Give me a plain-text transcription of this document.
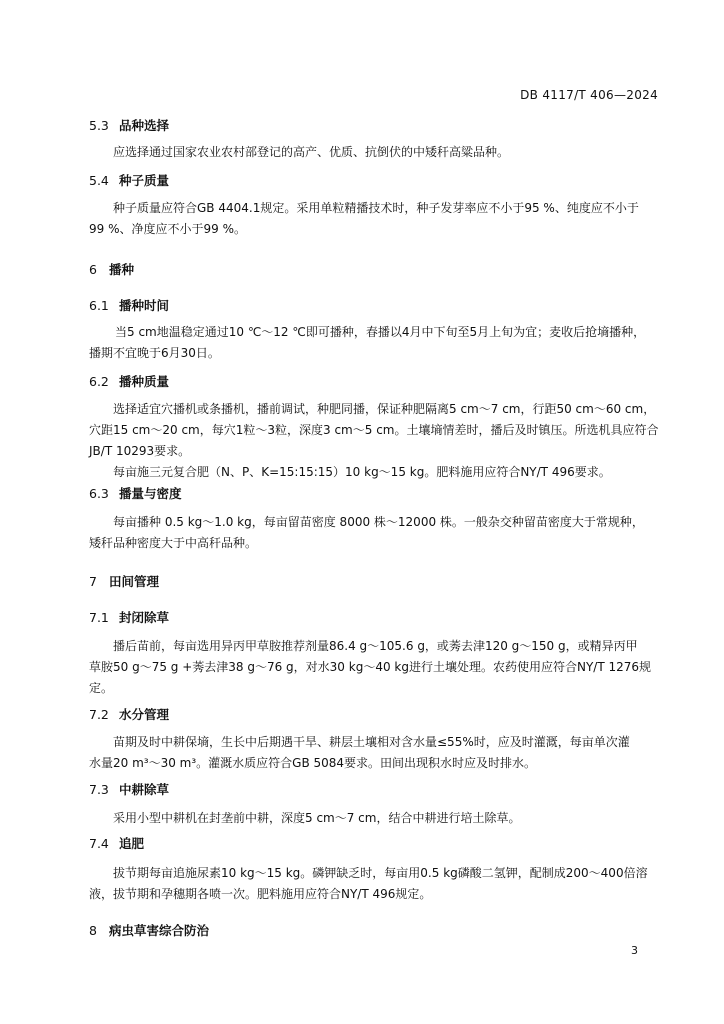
DB 4117/T 406—2024
5.3 品种选择
应选择通过国家农业农村部登记的高产、优质、抗倒伏的中矮秆高粱品种。
5.4 种子质量
种子质量应符合GB 4404.1规定。采用单粒精播技术时，种子发芽率应不小于95 %、纯度应不小于
99 %、净度应不小于99 %。
6 播种
6.1 播种时间
当5 cm地温稳定通过10 ℃～12 ℃即可播种，春播以4月中下旬至5月上旬为宜；麦收后抢墒播种，
播期不宜晚于6月30日。
6.2 播种质量
选择适宜穴播机或条播机，播前调试，种肥同播，保证种肥隔离5 cm～7 cm，行距50 cm～60 cm，
穴距15 cm～20 cm，每穴1粒～3粒，深度3 cm～5 cm。土壤墒情差时，播后及时镇压。所选机具应符合
JB/T 10293要求。
每亩施三元复合肥（N、P、K=15:15:15）10 kg～15 kg。肥料施用应符合NY/T 496要求。
6.3 播量与密度
每亩播种 0.5 kg～1.0 kg，每亩留苗密度 8000 株～12000 株。一般杂交种留苗密度大于常规种，
矮秆品种密度大于中高秆品种。
7 田间管理
7.1 封闭除草
播后苗前，每亩选用异丙甲草胺推荐剂量86.4 g～105.6 g，或莠去津120 g～150 g，或精异丙甲
草胺50 g～75 g +莠去津38 g～76 g，对水30 kg～40 kg进行土壤处理。农药使用应符合NY/T 1276规
定。
7.2 水分管理
苗期及时中耕保墒，生长中后期遇干旱、耕层土壤相对含水量≤55%时，应及时灌溉，每亩单次灌
水量20 m³～30 m³。灌溉水质应符合GB 5084要求。田间出现积水时应及时排水。
7.3 中耕除草
采用小型中耕机在封垄前中耕，深度5 cm～7 cm，结合中耕进行培土除草。
7.4 追肥
拔节期每亩追施尿素10 kg～15 kg。磷钾缺乏时，每亩用0.5 kg磷酸二氢钾，配制成200～400倍溶
液，拔节期和孕穗期各喷一次。肥料施用应符合NY/T 496规定。
8 病虫草害综合防治
3
